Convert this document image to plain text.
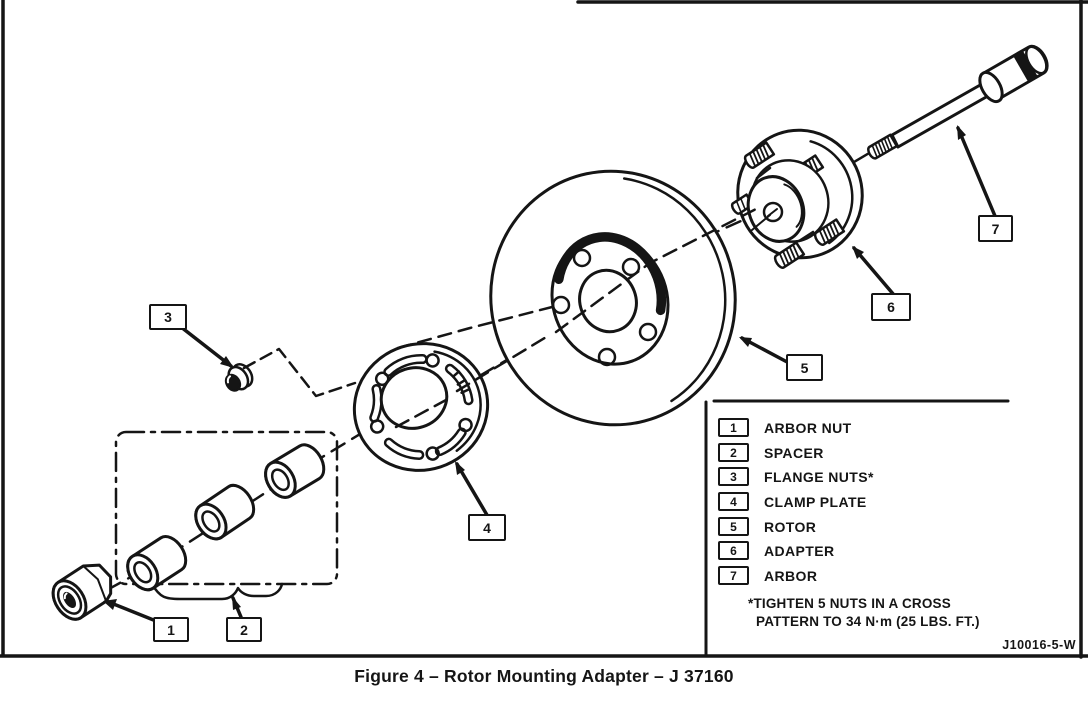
1	2
3
4
5
6
7
1	ARBOR NUT
2	SPACER
3	FLANGE NUTS*
4	CLAMP PLATE
5	ROTOR
6	ADAPTER
7	ARBOR
*TIGHTEN 5 NUTS IN A CROSS
PATTERN TO 34 N·m (25 LBS. FT.)
J10016-5-W
Figure 4 – Rotor Mounting Adapter – J 37160
